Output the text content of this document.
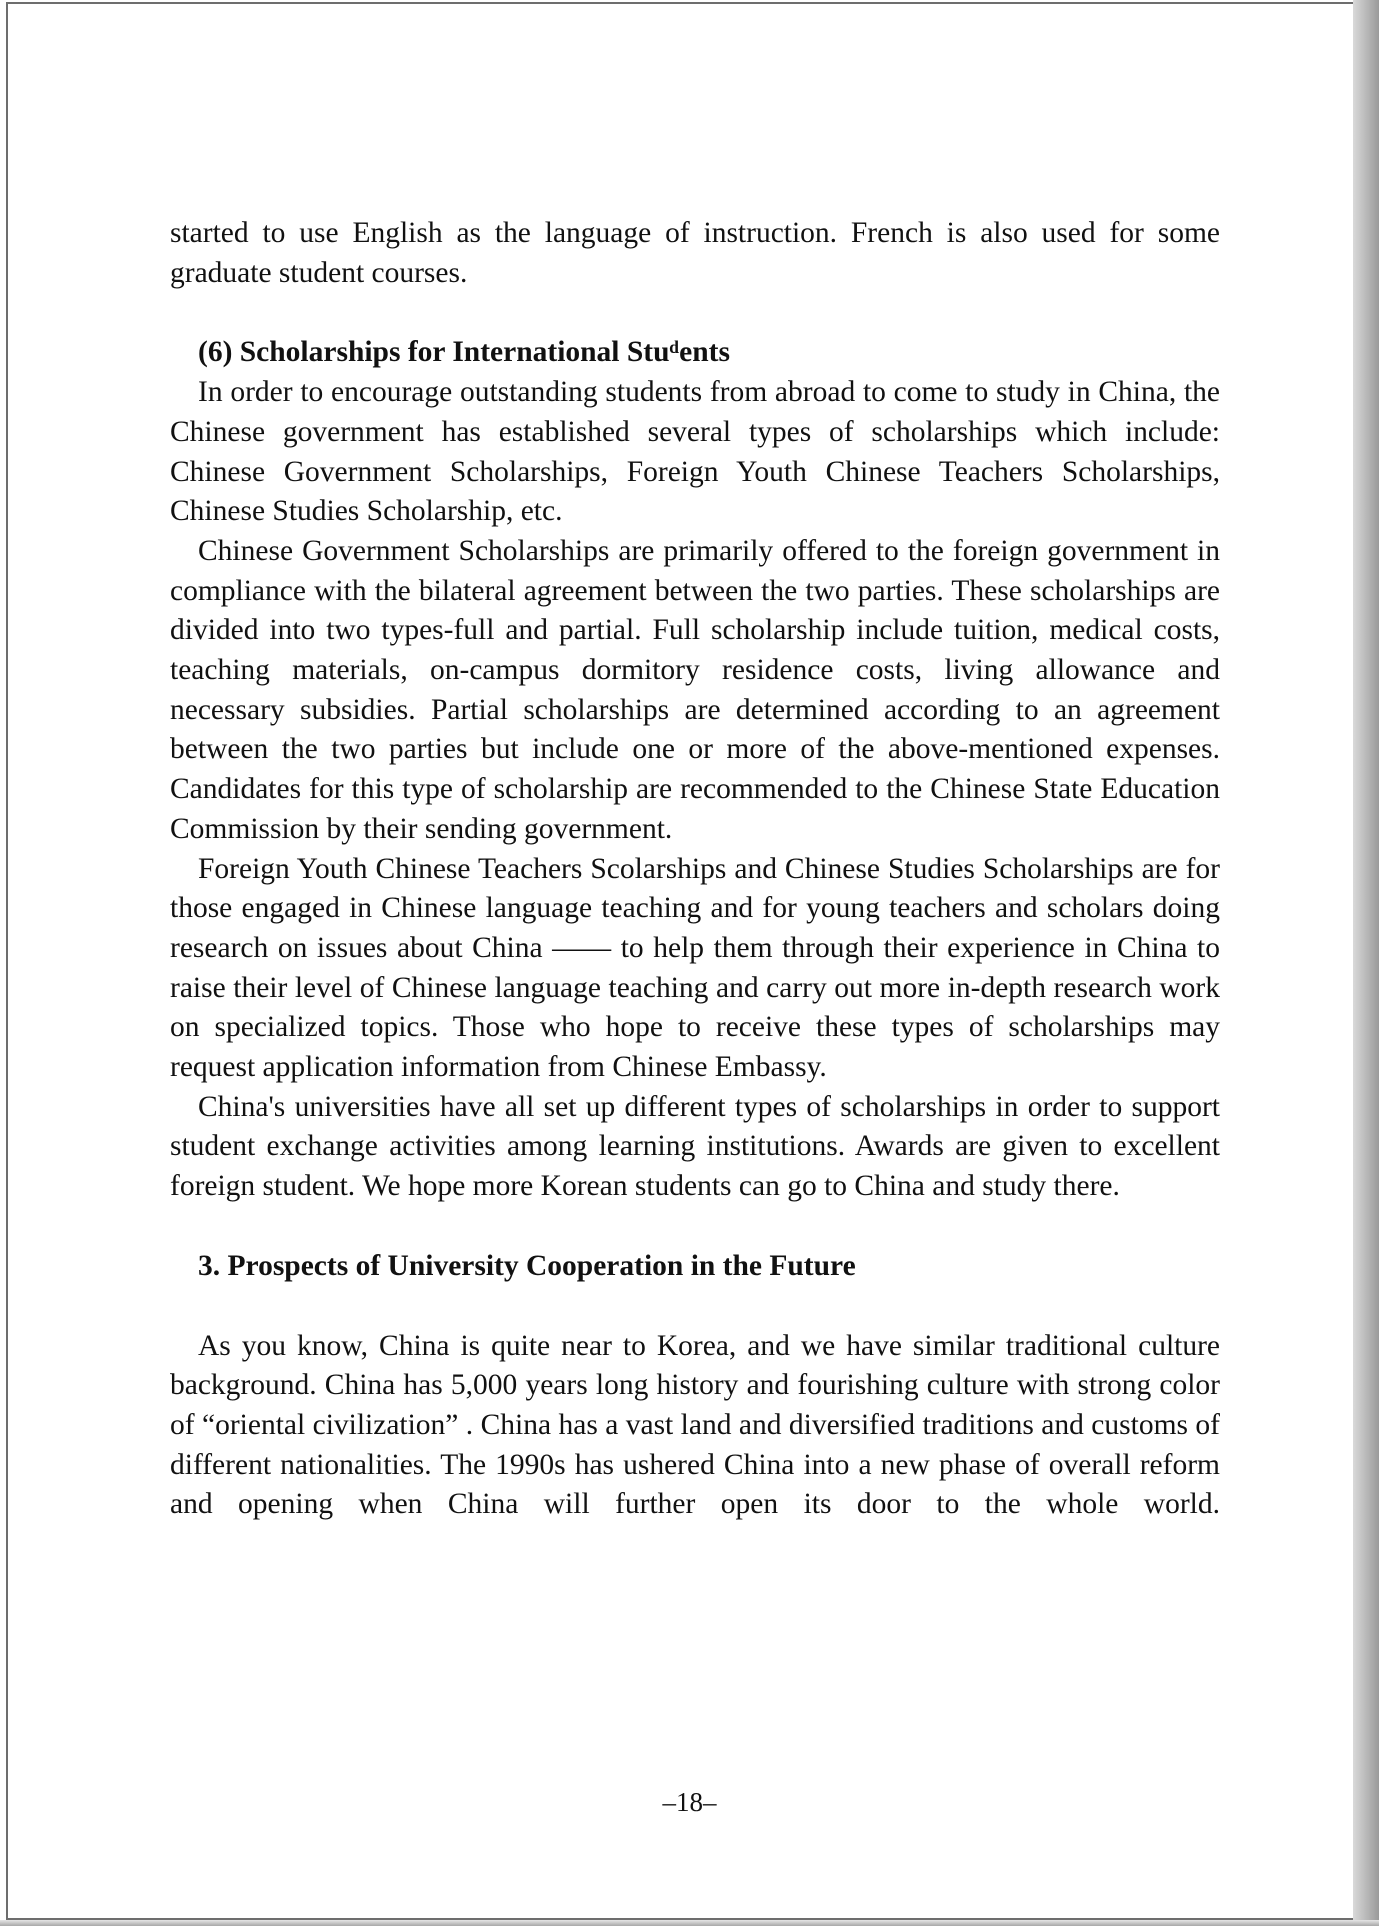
started to use English as the language of instruction. French is also used for some graduate student courses.

(6) Scholarships for International Stuᵈents

In order to encourage outstanding students from abroad to come to study in China, the Chinese government has established several types of scholarships which include: Chinese Government Scholarships, Foreign Youth Chinese Teachers Scholarships, Chinese Studies Scholarship, etc.

Chinese Government Scholarships are primarily offered to the foreign government in compliance with the bilateral agreement between the two parties. These scholarships are divided into two types-full and partial. Full scholarship include tuition, medical costs, teaching materials, on-campus dormitory residence costs, living allowance and necessary subsidies. Partial scholarships are determined according to an agreement between the two parties but include one or more of the above-mentioned expenses. Candidates for this type of scholarship are recommended to the Chinese State Education Commission by their sending government.

Foreign Youth Chinese Teachers Scolarships and Chinese Studies Scholarships are for those engaged in Chinese language teaching and for young teachers and scholars doing research on issues about China —— to help them through their experience in China to raise their level of Chinese language teaching and carry out more in-depth research work on specialized topics. Those who hope to receive these types of scholarships may request application information from Chinese Embassy.

China's universities have all set up different types of scholarships in order to support student exchange activities among learning institutions. Awards are given to excellent foreign student. We hope more Korean students can go to China and study there.

3. Prospects of University Cooperation in the Future

As you know, China is quite near to Korea, and we have similar traditional culture background. China has 5,000 years long history and fourishing culture with strong color of “oriental civilization” . China has a vast land and diversified traditions and customs of different nationalities. The 1990s has ushered China into a new phase of overall reform and opening when China will further open its door to the whole world.

–18–
